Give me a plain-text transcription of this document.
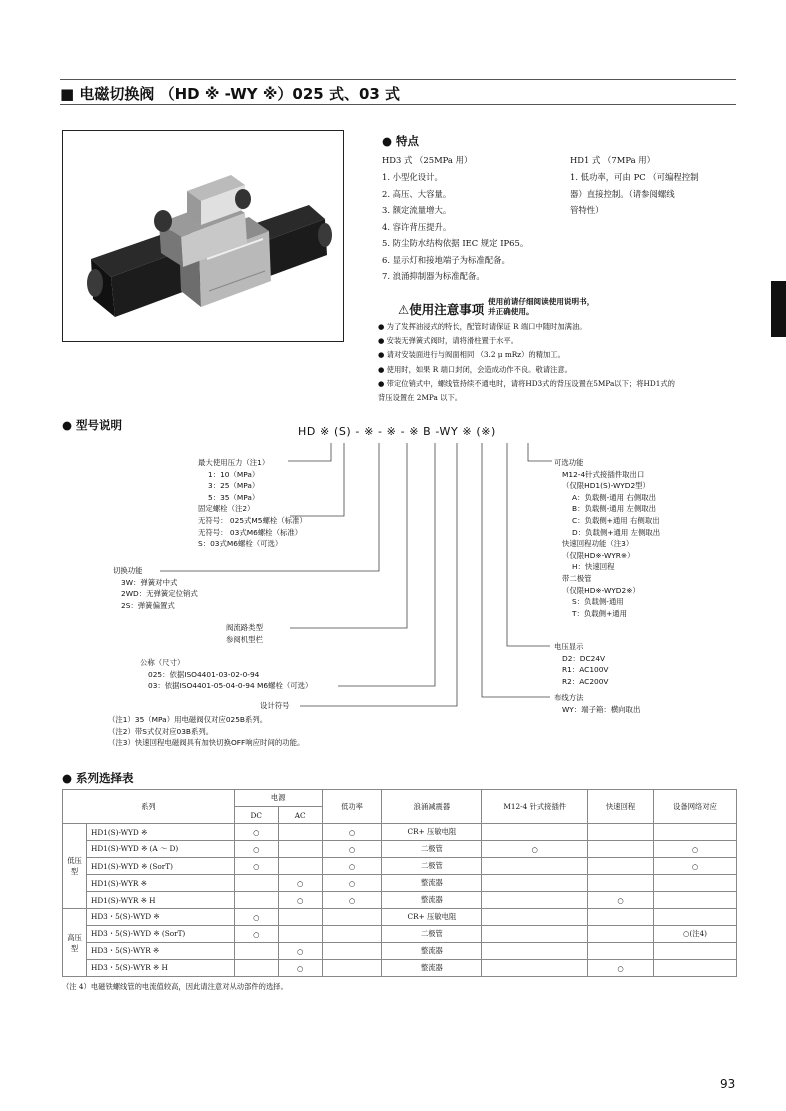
■ 电磁切换阀 （HD ※ -WY ※）025 式、03 式
● 特点
HD3 式 （25MPa 用）
1. 小型化设计。
2. 高压、大容量。
3. 额定流量增大。
4. 容许背压提升。
5. 防尘防水结构依据 IEC 规定 IP65。
6. 显示灯和接地端子为标准配备。
7. 浪涌抑制器为标准配备。
HD1 式 （7MPa 用）
1. 低功率，可由 PC （可编程控制
器）直接控制。（请参阅螺线
管特性）
⚠使用注意事项
使用前请仔细阅读使用说明书，
并正确使用。
● 为了发挥油浸式的特长，配管时请保证 R 端口中随时加满油。
● 安装无弹簧式阀时，请将滑柱置于水平。
● 请对安装面进行与阀面相同 （3.2 μ mRz）的精加工。
● 使用时，如果 R 端口封闭，会造成动作不良。敬请注意。
● 带定位销式中，螺线管持续不通电时，请将HD3式的背压设置在5MPa以下；将HD1式的
背压设置在 2MPa 以下。
● 型号说明	HD ※ (S) - ※ - ※ - ※ B -WY ※ (※)
最大使用压力（注1）
1：10（MPa）
3：25（MPa）
5：35（MPa）
固定螺栓（注2）
无符号： 025式M5螺栓（标准）
无符号： 03式M6螺栓（标准）
S：03式M6螺栓（可选）
切换功能
3W：弹簧对中式
2WD：无弹簧定位销式
2S：弹簧偏置式
阀流路类型
参阅机型栏
公称（尺寸）
025：依据ISO4401-03-02-0-94
03：依据ISO4401-05-04-0-94 M6螺栓（可选）
设计符号
（注1）35（MPa）用电磁阀仅对应025B系列。
（注2）带S式仅对应03B系列。
（注3）快速回程电磁阀具有加快切换OFF响应时间的功能。
可选功能
M12-4针式接插件取出口
（仅限HD1(S)-WYD2型）
A：负载侧-通用 右侧取出
B：负载侧-通用 左侧取出
C：负载侧+通用 右侧取出
D：负载侧+通用 左侧取出
快速回程功能（注3）
（仅限HD※-WYR※）
H：快速回程
带二极管
（仅限HD※-WYD2※）
S：负载侧-通用
T：负载侧+通用
电压显示
D2：DC24V
R1：AC100V
R2：AC200V
布线方法
WY：端子箱：横向取出
● 系列选择表
系列		电源		低功率	浪涌减震器	M12-4 针式接插件	快速回程	设备网络对应
		DC	AC					
低压型	HD1(S)-WYD ※	○		○	CR+ 压敏电阻			
	HD1(S)-WYD ※ (A ～ D)	○		○	二极管	○		○
	HD1(S)-WYD ※ (SorT)	○		○	二极管			○
	HD1(S)-WYR ※		○	○	整流器			
	HD1(S)-WYR ※ H		○	○	整流器		○	
高压型	HD3・5(S)-WYD ※	○			CR+ 压敏电阻			
	HD3・5(S)-WYD ※ (SorT)	○			二极管			○(注4)
	HD3・5(S)-WYR ※		○		整流器			
	HD3・5(S)-WYR ※ H		○		整流器		○	
（注 4）电磁铁螺线管的电流值较高，因此请注意对从动部件的选择。
93
